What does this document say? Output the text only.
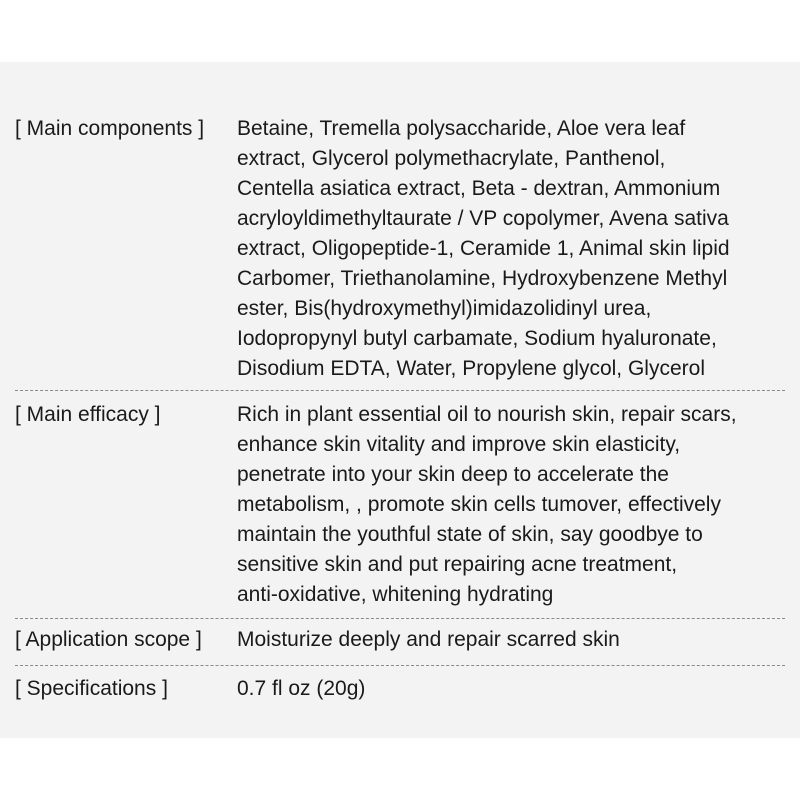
[ Main components ] Betaine, Tremella polysaccharide, Aloe vera leaf
extract, Glycerol polymethacrylate, Panthenol,
Centella asiatica extract, Beta - dextran, Ammonium
acryloyldimethyltaurate / VP copolymer, Avena sativa
extract, Oligopeptide-1, Ceramide 1, Animal skin lipid
Carbomer, Triethanolamine, Hydroxybenzene Methyl
ester, Bis(hydroxymethyl)imidazolidinyl urea,
Iodopropynyl butyl carbamate, Sodium hyaluronate,
Disodium EDTA, Water, Propylene glycol, Glycerol
[ Main efficacy ]	Rich in plant essential oil to nourish skin, repair scars,
enhance skin vitality and improve skin elasticity,
penetrate into your skin deep to accelerate the
metabolism, , promote skin cells tumover, effectively
maintain the youthful state of skin, say goodbye to
sensitive skin and put repairing acne treatment,
anti-oxidative, whitening hydrating
[ Application scope ] Moisturize deeply and repair scarred skin
[ Specifications ]	0.7 fl oz (20g)
